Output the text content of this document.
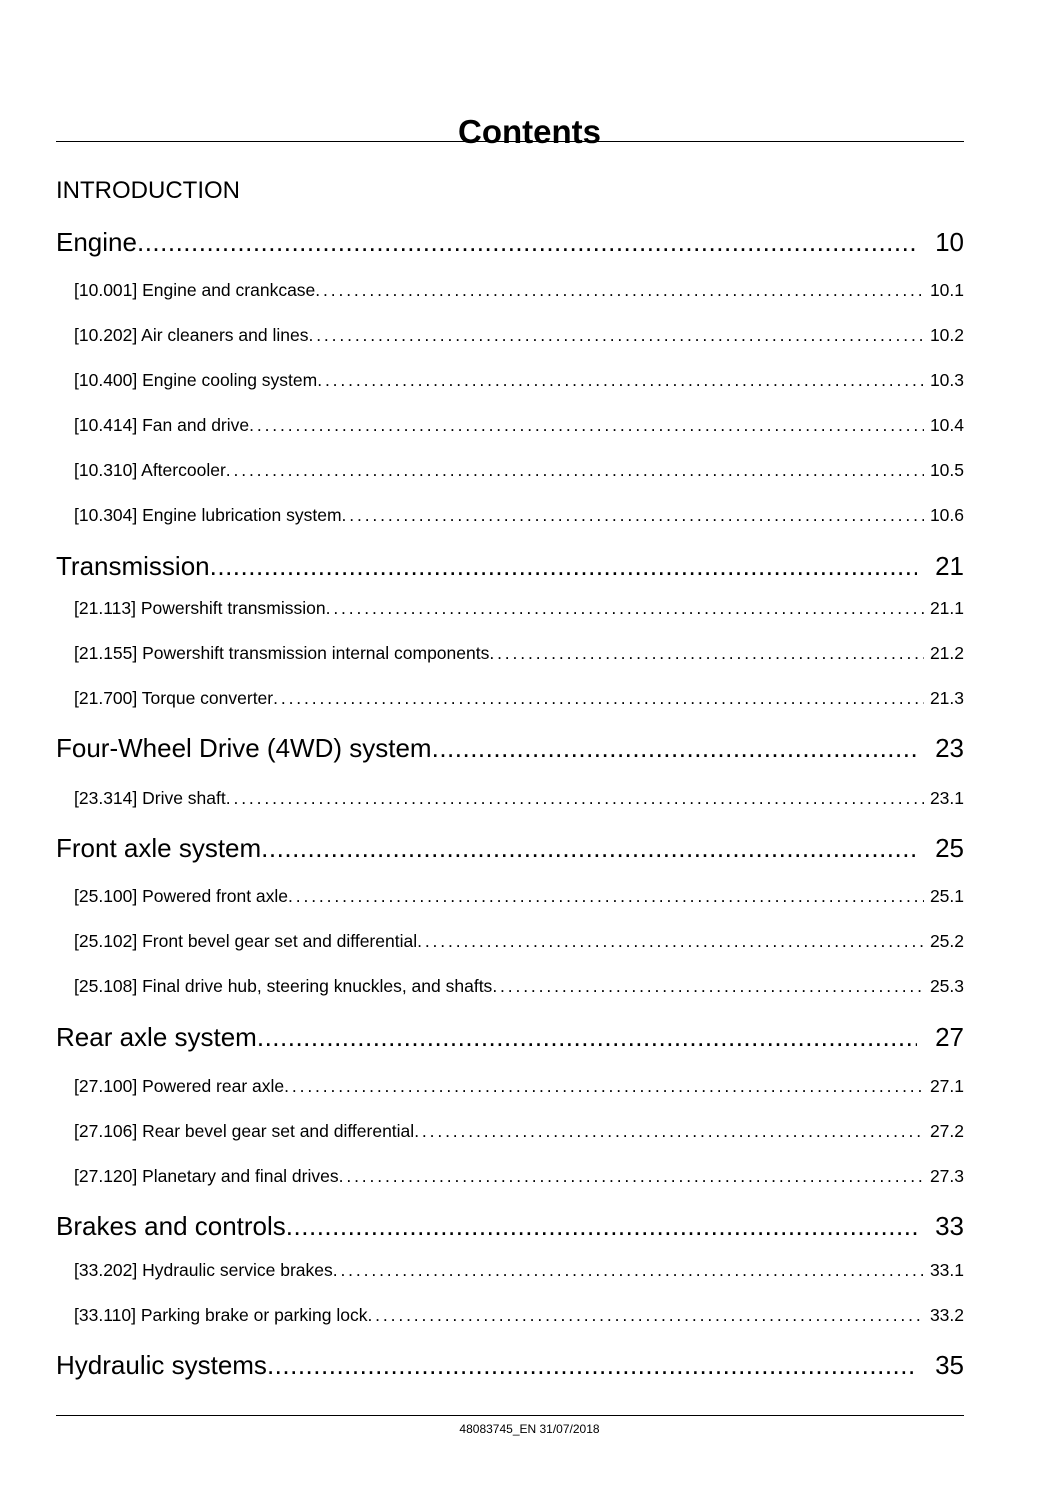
Contents
INTRODUCTION
Engine .....	10
[10.001] Engine and crankcase . . .	10.1
[10.202] Air cleaners and lines . . .	10.2
[10.400] Engine cooling system . . .	10.3
[10.414] Fan and drive . . .	10.4
[10.310] Aftercooler . . .	10.5
[10.304] Engine lubrication system . . .	10.6
Transmission .....	21
[21.113] Powershift transmission . . .	21.1
[21.155] Powershift transmission internal components . . .	21.2
[21.700] Torque converter . . .	21.3
Four-Wheel Drive (4WD) system .....	23
[23.314] Drive shaft . . .	23.1
Front axle system .....	25
[25.100] Powered front axle . . .	25.1
[25.102] Front bevel gear set and differential . . .	25.2
[25.108] Final drive hub, steering knuckles, and shafts . . .	25.3
Rear axle system .....	27
[27.100] Powered rear axle . . .	27.1
[27.106] Rear bevel gear set and differential . . .	27.2
[27.120] Planetary and final drives . . .	27.3
Brakes and controls .....	33
[33.202] Hydraulic service brakes . . .	33.1
[33.110] Parking brake or parking lock . . .	33.2
Hydraulic systems .....	35
48083745_EN 31/07/2018
